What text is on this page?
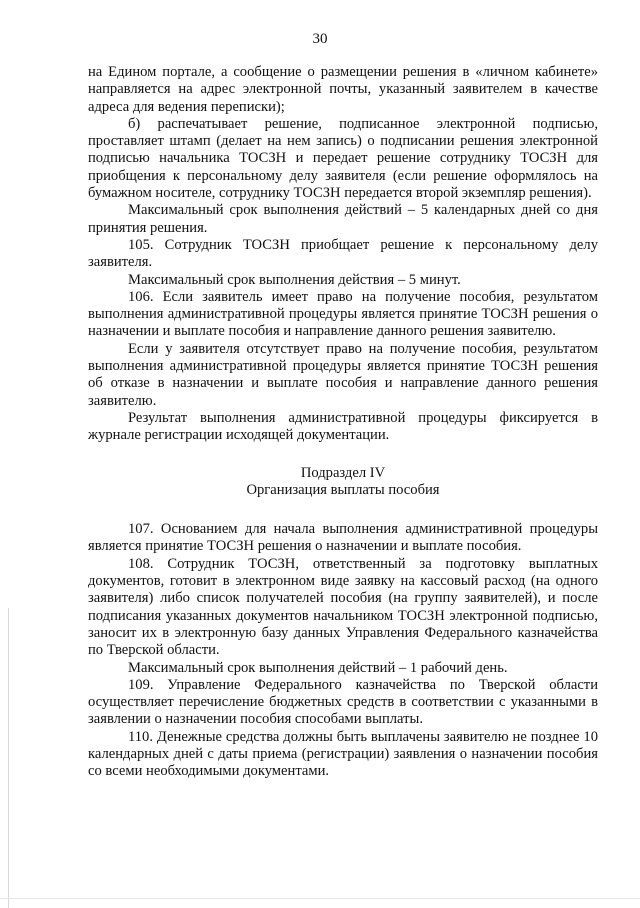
30

на Едином портале, а сообщение о размещении решения в «личном кабинете» направляется на адрес электронной почты, указанный заявителем в качестве адреса для ведения переписки);

б) распечатывает решение, подписанное электронной подписью, проставляет штамп (делает на нем запись) о подписании решения электронной подписью начальника ТОСЗН и передает решение сотруднику ТОСЗН для приобщения к персональному делу заявителя (если решение оформлялось на бумажном носителе, сотруднику ТОСЗН передается второй экземпляр решения).

Максимальный срок выполнения действий – 5 календарных дней со дня принятия решения.

105. Сотрудник ТОСЗН приобщает решение к персональному делу заявителя.

Максимальный срок выполнения действия – 5 минут.

106. Если заявитель имеет право на получение пособия, результатом выполнения административной процедуры является принятие ТОСЗН решения о назначении и выплате пособия и направление данного решения заявителю.

Если у заявителя отсутствует право на получение пособия, результатом выполнения административной процедуры является принятие ТОСЗН решения об отказе в назначении и выплате пособия и направление данного решения заявителю.

Результат выполнения административной процедуры фиксируется в журнале регистрации исходящей документации.

Подраздел IV

Организация выплаты пособия

107. Основанием для начала выполнения административной процедуры является принятие ТОСЗН решения о назначении и выплате пособия.

108. Сотрудник ТОСЗН, ответственный за подготовку выплатных документов, готовит в электронном виде заявку на кассовый расход (на одного заявителя) либо список получателей пособия (на группу заявителей), и после подписания указанных документов начальником ТОСЗН электронной подписью, заносит их в электронную базу данных Управления Федерального казначейства по Тверской области.

Максимальный срок выполнения действий – 1 рабочий день.

109. Управление Федерального казначейства по Тверской области осуществляет перечисление бюджетных средств в соответствии с указанными в заявлении о назначении пособия способами выплаты.

110. Денежные средства должны быть выплачены заявителю не позднее 10 календарных дней с даты приема (регистрации) заявления о назначении пособия со всеми необходимыми документами.
